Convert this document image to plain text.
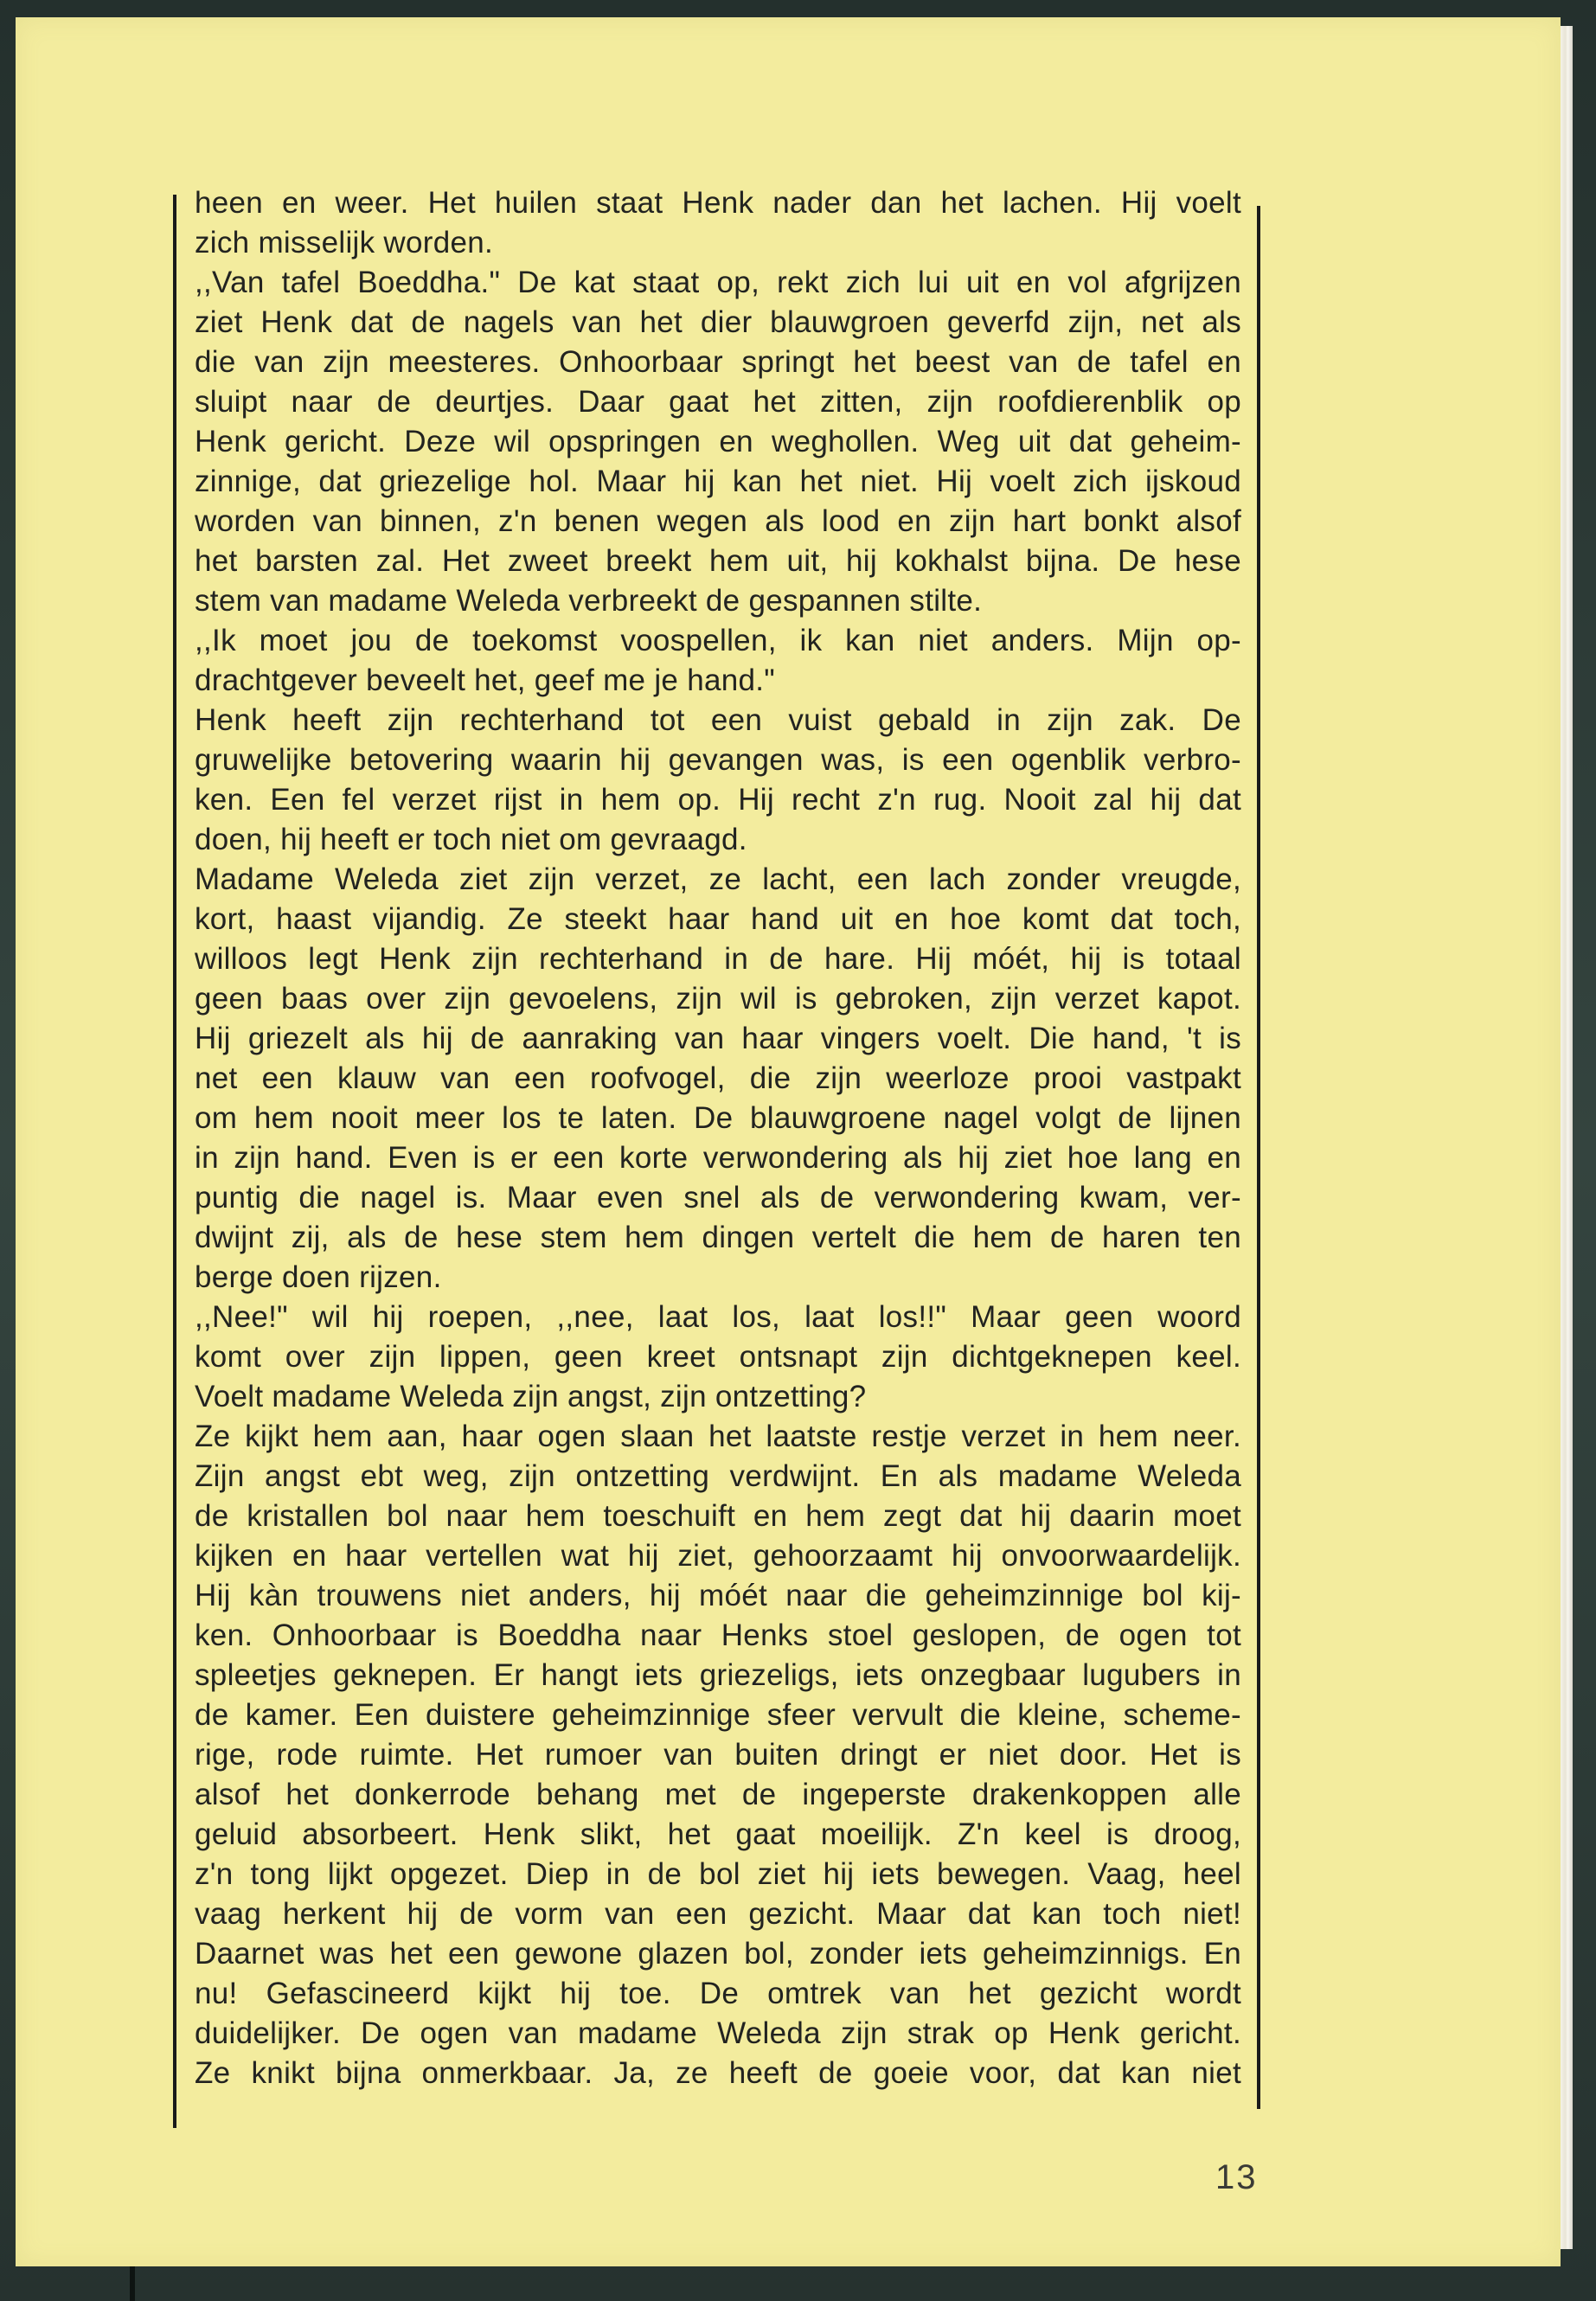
heen en weer. Het huilen staat Henk nader dan het lachen. Hij voelt
zich misselijk worden.
,,Van tafel Boeddha." De kat staat op, rekt zich lui uit en vol afgrijzen
ziet Henk dat de nagels van het dier blauwgroen geverfd zijn, net als
die van zijn meesteres. Onhoorbaar springt het beest van de tafel en
sluipt naar de deurtjes. Daar gaat het zitten, zijn roofdierenblik op
Henk gericht. Deze wil opspringen en weghollen. Weg uit dat geheim-
zinnige, dat griezelige hol. Maar hij kan het niet. Hij voelt zich ijskoud
worden van binnen, z'n benen wegen als lood en zijn hart bonkt alsof
het barsten zal. Het zweet breekt hem uit, hij kokhalst bijna. De hese
stem van madame Weleda verbreekt de gespannen stilte.
,,Ik moet jou de toekomst voospellen, ik kan niet anders. Mijn op-
drachtgever beveelt het, geef me je hand."
Henk heeft zijn rechterhand tot een vuist gebald in zijn zak. De
gruwelijke betovering waarin hij gevangen was, is een ogenblik verbro-
ken. Een fel verzet rijst in hem op. Hij recht z'n rug. Nooit zal hij dat
doen, hij heeft er toch niet om gevraagd.
Madame Weleda ziet zijn verzet, ze lacht, een lach zonder vreugde,
kort, haast vijandig. Ze steekt haar hand uit en hoe komt dat toch,
willoos legt Henk zijn rechterhand in de hare. Hij móét, hij is totaal
geen baas over zijn gevoelens, zijn wil is gebroken, zijn verzet kapot.
Hij griezelt als hij de aanraking van haar vingers voelt. Die hand, 't is
net een klauw van een roofvogel, die zijn weerloze prooi vastpakt
om hem nooit meer los te laten. De blauwgroene nagel volgt de lijnen
in zijn hand. Even is er een korte verwondering als hij ziet hoe lang en
puntig die nagel is. Maar even snel als de verwondering kwam, ver-
dwijnt zij, als de hese stem hem dingen vertelt die hem de haren ten
berge doen rijzen.
,,Nee!" wil hij roepen, ,,nee, laat los, laat los!!" Maar geen woord
komt over zijn lippen, geen kreet ontsnapt zijn dichtgeknepen keel.
Voelt madame Weleda zijn angst, zijn ontzetting?
Ze kijkt hem aan, haar ogen slaan het laatste restje verzet in hem neer.
Zijn angst ebt weg, zijn ontzetting verdwijnt. En als madame Weleda
de kristallen bol naar hem toeschuift en hem zegt dat hij daarin moet
kijken en haar vertellen wat hij ziet, gehoorzaamt hij onvoorwaardelijk.
Hij kàn trouwens niet anders, hij móét naar die geheimzinnige bol kij-
ken. Onhoorbaar is Boeddha naar Henks stoel geslopen, de ogen tot
spleetjes geknepen. Er hangt iets griezeligs, iets onzegbaar lugubers in
de kamer. Een duistere geheimzinnige sfeer vervult die kleine, scheme-
rige, rode ruimte. Het rumoer van buiten dringt er niet door. Het is
alsof het donkerrode behang met de ingeperste drakenkoppen alle
geluid absorbeert. Henk slikt, het gaat moeilijk. Z'n keel is droog,
z'n tong lijkt opgezet. Diep in de bol ziet hij iets bewegen. Vaag, heel
vaag herkent hij de vorm van een gezicht. Maar dat kan toch niet!
Daarnet was het een gewone glazen bol, zonder iets geheimzinnigs. En
nu! Gefascineerd kijkt hij toe. De omtrek van het gezicht wordt
duidelijker. De ogen van madame Weleda zijn strak op Henk gericht.
Ze knikt bijna onmerkbaar. Ja, ze heeft de goeie voor, dat kan niet
13
